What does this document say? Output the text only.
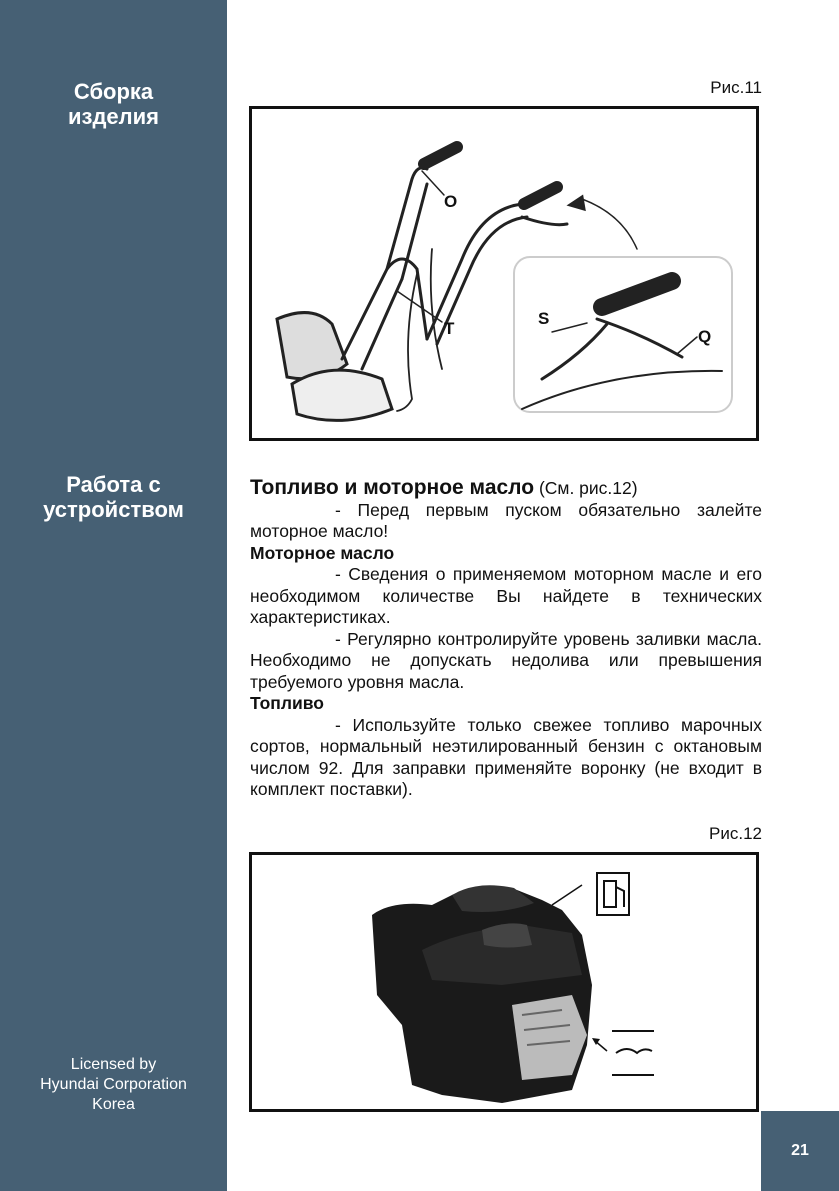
Сборка
изделия
Работа с
устройством
Licensed by
Hyundai Corporation
Korea
Рис.11
O
T
S
Q

Топливо и моторное масло (См. рис.12)

- Перед первым пуском обязательно залейте моторное масло!

Моторное масло

- Сведения о применяемом моторном масле и его необходимом количестве Вы найдете в технических характеристиках.

- Регулярно контролируйте уровень заливки масла. Необходимо не допускать недолива или превышения требуемого уровня масла.

Топливо

- Используйте только свежее топливо марочных сортов, нормальный неэтилированный бензин с октановым числом 92. Для заправки применяйте воронку (не входит в комплект поставки).

Рис.12
21
